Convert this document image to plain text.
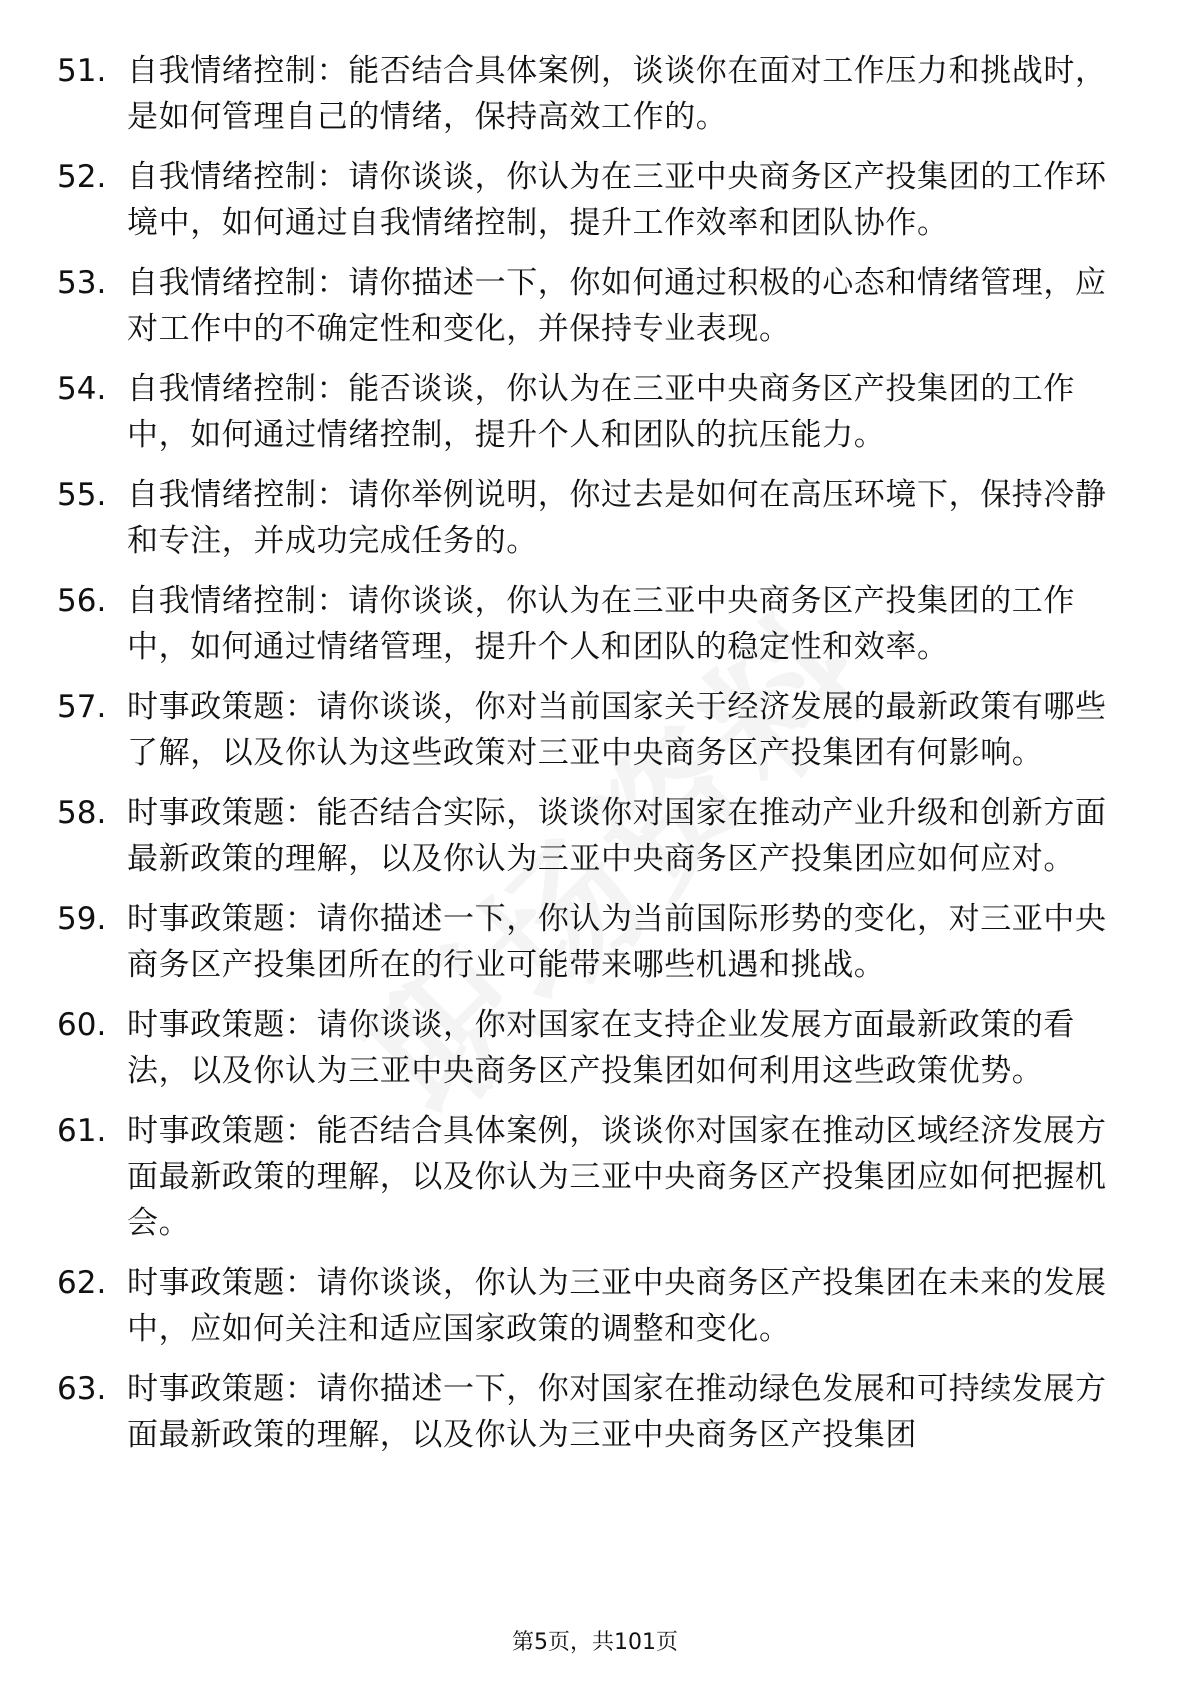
51. 自我情绪控制：能否结合具体案例，谈谈你在面对工作压力和挑战时，是如何管理自己的情绪，保持高效工作的。
52. 自我情绪控制：请你谈谈，你认为在三亚中央商务区产投集团的工作环境中，如何通过自我情绪控制，提升工作效率和团队协作。
53. 自我情绪控制：请你描述一下，你如何通过积极的心态和情绪管理，应对工作中的不确定性和变化，并保持专业表现。
54. 自我情绪控制：能否谈谈，你认为在三亚中央商务区产投集团的工作中，如何通过情绪控制，提升个人和团队的抗压能力。
55. 自我情绪控制：请你举例说明，你过去是如何在高压环境下，保持冷静和专注，并成功完成任务的。
56. 自我情绪控制：请你谈谈，你认为在三亚中央商务区产投集团的工作中，如何通过情绪管理，提升个人和团队的稳定性和效率。
57. 时事政策题：请你谈谈，你对当前国家关于经济发展的最新政策有哪些了解，以及你认为这些政策对三亚中央商务区产投集团有何影响。
58. 时事政策题：能否结合实际，谈谈你对国家在推动产业升级和创新方面最新政策的理解，以及你认为三亚中央商务区产投集团应如何应对。
59. 时事政策题：请你描述一下，你认为当前国际形势的变化，对三亚中央商务区产投集团所在的行业可能带来哪些机遇和挑战。
60. 时事政策题：请你谈谈，你对国家在支持企业发展方面最新政策的看法，以及你认为三亚中央商务区产投集团如何利用这些政策优势。
61. 时事政策题：能否结合具体案例，谈谈你对国家在推动区域经济发展方面最新政策的理解，以及你认为三亚中央商务区产投集团应如何把握机会。
62. 时事政策题：请你谈谈，你认为三亚中央商务区产投集团在未来的发展中，应如何关注和适应国家政策的调整和变化。
63. 时事政策题：请你描述一下，你对国家在推动绿色发展和可持续发展方面最新政策的理解，以及你认为三亚中央商务区产投集团
第5页，共101页
